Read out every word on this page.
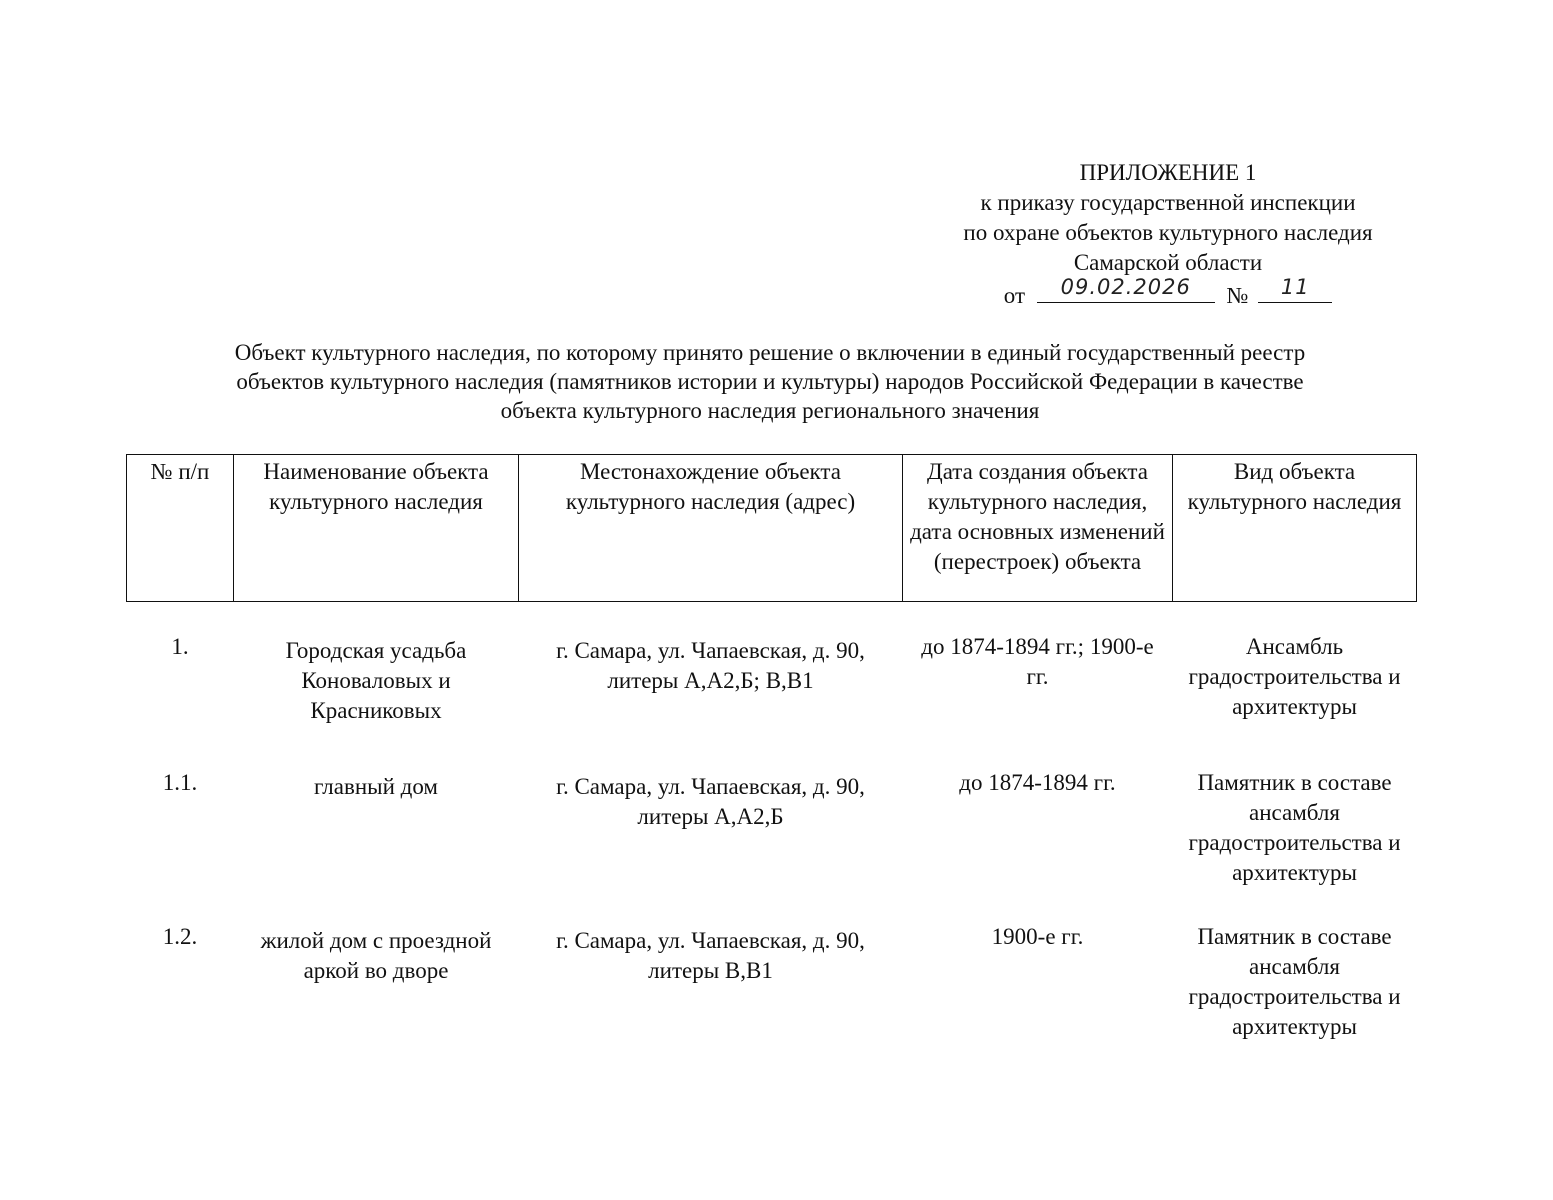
ПРИЛОЖЕНИЕ 1
к приказу государственной инспекции
по охране объектов культурного наследия
Самарской области
от	09.02.2026	№	11
Объект культурного наследия, по которому принято решение о включении в единый государственный реестр
объектов культурного наследия (памятников истории и культуры) народов Российской Федерации в качестве
объекта культурного наследия регионального значения
№ п/п	Наименование объекта культурного наследия	Местонахождение объекта культурного наследия (адрес)	Дата создания объекта культурного наследия, дата основных изменений (перестроек) объекта	Вид объекта культурного наследия

1.	Городская усадьба Коноваловых и Красниковых	г. Самара, ул. Чапаевская, д. 90, литеры А,А2,Б; В,В1	до 1874-1894 гг.; 1900-е гг.	Ансамбль градостроительства и архитектуры
1.1.	главный дом	г. Самара, ул. Чапаевская, д. 90, литеры А,А2,Б	до 1874-1894 гг.	Памятник в составе ансамбля градостроительства и архитектуры
1.2.	жилой дом с проездной аркой во дворе	г. Самара, ул. Чапаевская, д. 90, литеры В,В1	1900-е гг.	Памятник в составе ансамбля градостроительства и архитектуры
